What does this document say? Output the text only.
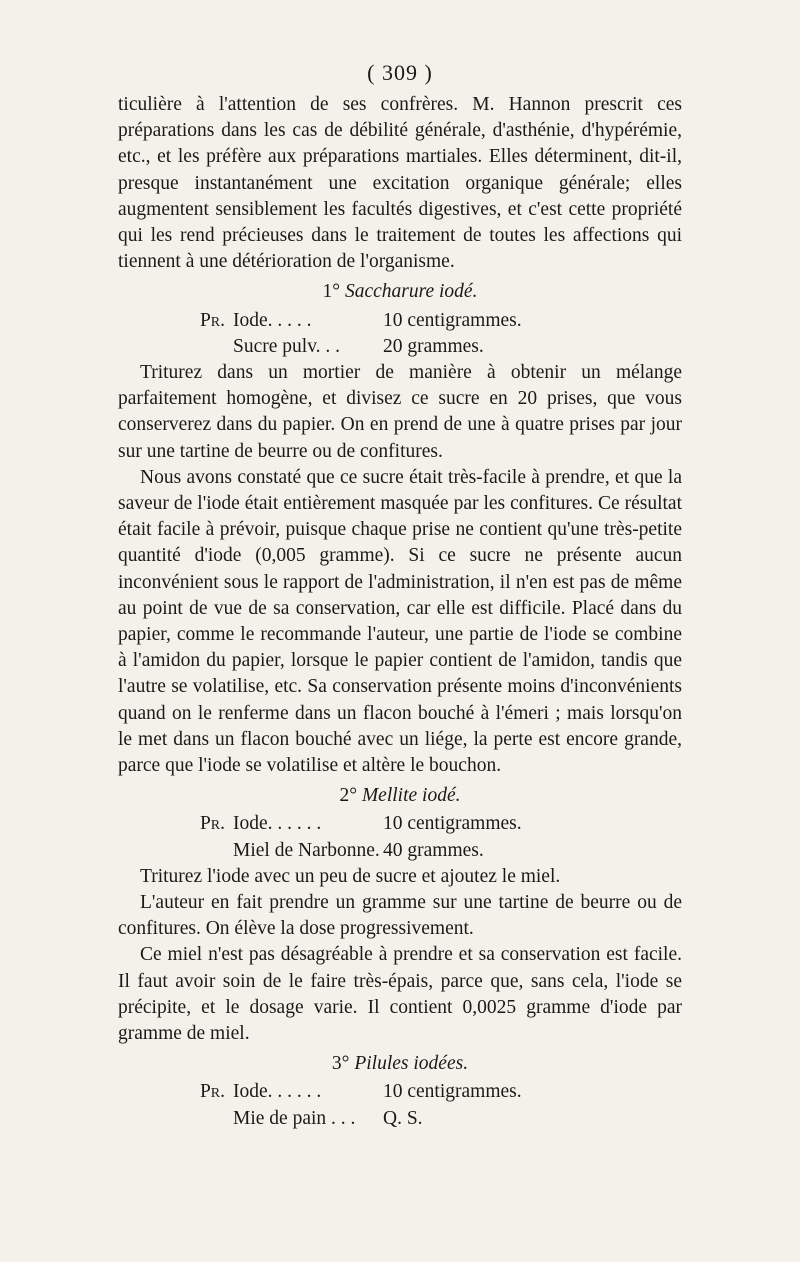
( 309 )

ticulière à l'attention de ses confrères. M. Hannon prescrit ces préparations dans les cas de débilité générale, d'asthénie, d'hypérémie, etc., et les préfère aux préparations martiales. Elles déterminent, dit-il, presque instantanément une excitation organique générale; elles augmentent sensiblement les facultés digestives, et c'est cette propriété qui les rend précieuses dans le traitement de toutes les affections qui tiennent à une détérioration de l'organisme.

1° Saccharure iodé.
Pr. Iode. . . . .	10 centigrammes.
Sucre pulv. . .	20 grammes.

Triturez dans un mortier de manière à obtenir un mélange parfaitement homogène, et divisez ce sucre en 20 prises, que vous conserverez dans du papier. On en prend de une à quatre prises par jour sur une tartine de beurre ou de confitures.

Nous avons constaté que ce sucre était très-facile à prendre, et que la saveur de l'iode était entièrement masquée par les confitures. Ce résultat était facile à prévoir, puisque chaque prise ne contient qu'une très-petite quantité d'iode (0,005 gramme). Si ce sucre ne présente aucun inconvénient sous le rapport de l'administration, il n'en est pas de même au point de vue de sa conservation, car elle est difficile. Placé dans du papier, comme le recommande l'auteur, une partie de l'iode se combine à l'amidon du papier, lorsque le papier contient de l'amidon, tandis que l'autre se volatilise, etc. Sa conservation présente moins d'inconvénients quand on le renferme dans un flacon bouché à l'émeri ; mais lorsqu'on le met dans un flacon bouché avec un liége, la perte est encore grande, parce que l'iode se volatilise et altère le bouchon.

2° Mellite iodé.
Pr. Iode. . . . . .	10 centigrammes.
Miel de Narbonne. 40 grammes.

Triturez l'iode avec un peu de sucre et ajoutez le miel.

L'auteur en fait prendre un gramme sur une tartine de beurre ou de confitures. On élève la dose progressivement.

Ce miel n'est pas désagréable à prendre et sa conservation est facile. Il faut avoir soin de le faire très-épais, parce que, sans cela, l'iode se précipite, et le dosage varie. Il contient 0,0025 gramme d'iode par gramme de miel.

3° Pilules iodées.
Pr. Iode. . . . . .	10 centigrammes.
Mie de pain . . .	Q. S.
